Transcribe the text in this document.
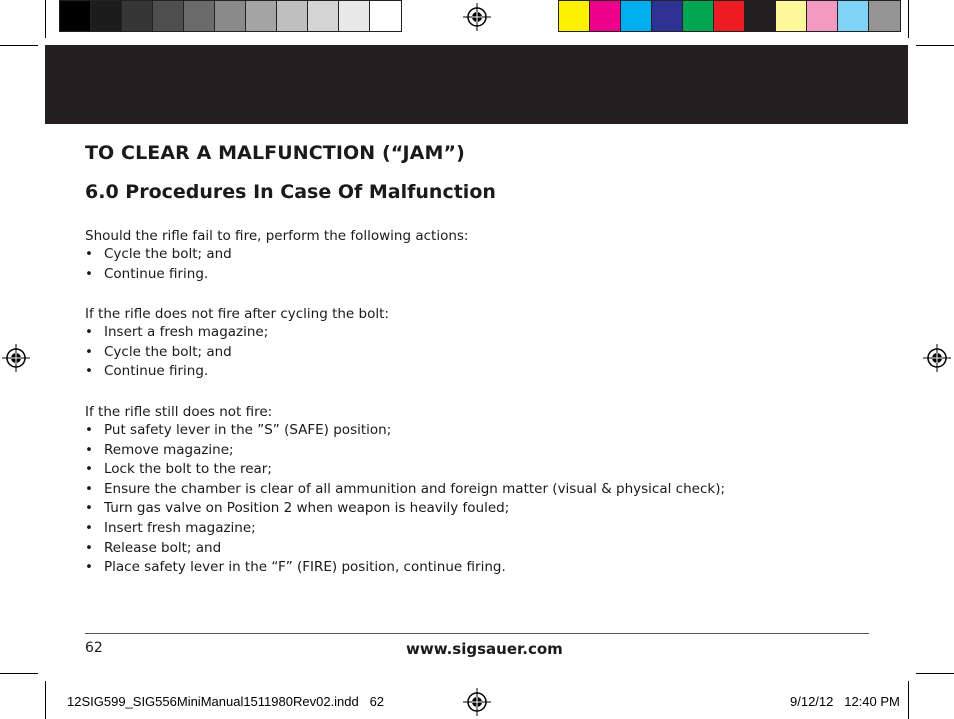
TO CLEAR A MALFUNCTION (“JAM”)
6.0 Procedures In Case Of Malfunction

Should the rifle fail to fire, perform the following actions:

• Cycle the bolt; and
• Continue firing.

If the rifle does not fire after cycling the bolt:

• Insert a fresh magazine;
• Cycle the bolt; and
• Continue firing.

If the rifle still does not fire:

• Put safety lever in the ”S” (SAFE) position;
• Remove magazine;
• Lock the bolt to the rear;
• Ensure the chamber is clear of all ammunition and foreign matter (visual & physical check);
• Turn gas valve on Position 2 when weapon is heavily fouled;
• Insert fresh magazine;
• Release bolt; and
• Place safety lever in the “F” (FIRE) position, continue firing.
62	www.sigsauer.com
12SIG599_SIG556MiniManual1511980Rev02.indd   62	9/12/12   12:40 PM
